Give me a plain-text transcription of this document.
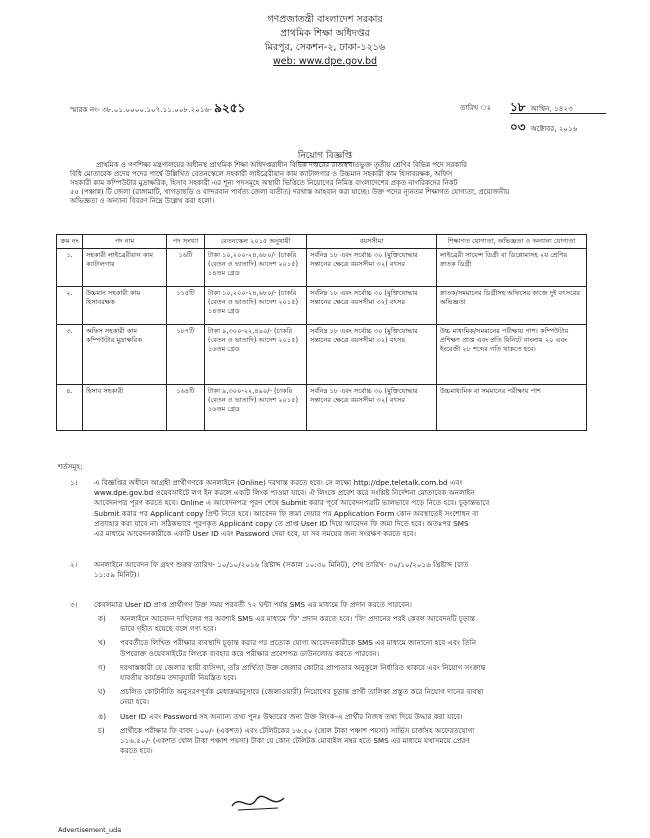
গণপ্রজাতন্ত্রী বাংলাদেশ সরকার
প্রাথমিক শিক্ষা অধিদপ্তর
মিরপুর, সেকশন-২, ঢাকা-১২১৬
web: www.dpe.gov.bd
স্মারক নং- ৩৮.০১.০০০০.১০৭.১১.০০৮.২০১৬- ৯২৫১	তারিখ ঃ ১৮ আশ্বিন, ১৪২৩
০৩ অক্টোবর, ২০১৬
নিয়োগ বিজ্ঞপ্তি
প্রাথমিক ও গণশিক্ষা মন্ত্রণালয়ের অধীনস্থ প্রাথমিক শিক্ষা অধিদপ্তরাধীন বিভিন্ন দপ্তরের রাজস্বখাতভুক্ত তৃতীয় শ্রেণির বিভিন্ন পদে সরকারি
বিধি মোতাবেক প্রদেয় পদের পার্শ্বে উল্লিখিত বেতনস্কেলে সহকারী লাইব্রেরীয়ান কাম ক্যাটালগার ও উচ্চমান সহকারী কাম হিসাবরক্ষক, অফিস
সহকারী কাম কম্পিউটার মুদ্রাক্ষরিক, হিসাব সহকারী এর শূন্য পদসমূহে অস্থায়ী ভিত্তিতে নিয়োগের নিমিত্ত বাংলাদেশের প্রকৃত নাগরিকদের নিকট
৫৫ (পঞ্চান্ন) টি জেলা (রাঙ্গামাটি, খাগড়াছড়ি ও বান্দরবান পার্বত্য জেলা ব্যতীত) দরখাস্ত আহবান করা যাচ্ছে। উক্ত পদের ন্যূনতম শিক্ষাগত যোগ্যতা, প্রয়োজনীয়
অভিজ্ঞতা ও অন্যান্য বিবরণ নিম্নে উল্লেখ করা হলো।
ক্রম নং	পদ নাম	পদ সংখ্যা	বেতনস্কেল ২০১৫ অনুযায়ী	বয়সসীমা	শিক্ষাগত যোগ্যতা, অভিজ্ঞতা ও অন্যান্য যোগ্যতা
১.	সহকারী লাইব্রেরীয়ান কাম ক্যাটালগার	১৬টি	টাকা ১০,২০০-২৪,৬৮০/- (চাকরি (বেতন ও ভাতাদি) আদেশ ২০১৫) ১৪তম গ্রেড	সর্বনিম্ন ১৮ এবং সর্বোচ্চ ৩০ (মুক্তিযোদ্ধার সন্তানের ক্ষেত্রে বয়সসীমা ৩২) বৎসর	লাইব্রেরী সায়েন্স ডিগ্রী বা ডিপ্লোমাসহ ২য় শ্রেণির স্নাতক ডিগ্রী
২.	উচ্চমান সহকারী কাম হিসাবরক্ষক	১১৫টি	টাকা ১০,২০০-২৪,৬৮০/- (চাকরি (বেতন ও ভাতাদি) আদেশ ২০১৫) ১৪তম গ্রেড	সর্বনিম্ন ১৮ এবং সর্বোচ্চ ৩০ (মুক্তিযোদ্ধার সন্তানের ক্ষেত্রে বয়সসীমা ৩২) বৎসর	স্নাতক/সমমানের ডিগ্রীসহ অফিসের কাজে দুই বৎসরের অভিজ্ঞতা
৩.	অফিস সহকারী কাম কম্পিউটার মুদ্রাক্ষরিক	১৮৭টি	টাকা ৯,৩০০-২২,৪৯০/- (চাকরি (বেতন ও ভাতাদি) আদেশ ২০১৫) ১৬তম গ্রেড	সর্বনিম্ন ১৮ এবং সর্বোচ্চ ৩০ (মুক্তিযোদ্ধার সন্তানের ক্ষেত্রে বয়সসীমা ৩২) বৎসর	উচ্চ মাধ্যমিক/সমমানের পরীক্ষায় পাশ। কম্পিউটার প্রশিক্ষণ প্রাপ্ত এবং প্রতি মিনিটে বাংলায় ২০ এবং ইংরেজী ২৮ শব্দের গতি থাকতে হবে।
৪.	হিসাব সহকারী	১৬৪টি	টাকা ৯,৩০০-২২,৪৯০/- (চাকরি (বেতন ও ভাতাদি) আদেশ ২০১৫) ১৬তম গ্রেড	সর্বনিম্ন ১৮ এবং সর্বোচ্চ ৩০ (মুক্তিযোদ্ধার সন্তানের ক্ষেত্রে বয়সসীমা ৩২) বৎসর	উচ্চমাধ্যমিক বা সমমানের পরীক্ষায় পাশ
শর্তসমূহ:
১। এ বিজ্ঞপ্তির অধীনে আগ্রহী প্রার্থীগণকে অনলাইনে (Online) দরখাস্ত করতে হবে। সে লক্ষ্যে http://dpe.teletalk.com.bd এবং
www.dpe.gov.bd ওয়েবসাইটে লগ ইন করলে একটি লিংক পাওয়া যাবে। ঐ লিংকে প্রবেশ করে সংশ্লিষ্ট নির্দেশনা মোতাবেক অনলাইন
আবেদনপত্র পূরণ করতে হবে। Online এ আবেদনপত্র পূরণ শেষে Submit করার পূর্বে আবেদনপত্রটি ভালভাবে পড়ে নিতে হবে। চূড়ান্তভাবে
Submit করার পর Applicant copy প্রিন্ট নিতে হবে। আবেদন ফি জমা দেয়ার পর Application Form কোন অবস্থাতেই সংশোধন বা
প্রত্যাহার করা যাবে না। সঠিকভাবে পূরণকৃত Applicant copy তে প্রাপ্ত User ID দিয়ে আবেদন ফি জমা দিতে হবে। অতঃপর SMS
এর মাধ্যমে আবেদনকারীকে একটি User ID এবং Password দেয়া হবে, যা সব সময়ের জন্য সংরক্ষণ করতে হবে।
২। অনলাইনে আবেদন ফি গ্রহণ শুরুর তারিখ- ১০/১০/২০১৬ খ্রিষ্টাব্দ (সকাল ১০:৩০ মিনিট), শেষ তারিখ- ৩০/১০/২০১৬ খ্রিষ্টাব্দ (রাত
১১:৫৯ মিনিট)।
৩। কেবলমাত্র User ID প্রাপ্ত প্রার্থীগণ উক্ত সময় পরবর্তী ৭২ ঘন্টা পর্যন্ত SMS এর মাধ্যমে ফি প্রদান করতে পারবেন।
ক)	অনলাইনে আবেদন দাখিলের পর অবশ্যই SMS এর মাধ্যমে 'ফি' প্রদান করতে হবে। 'ফি' প্রদানের পরই কেবল আবেদনটি চূড়ান্ত
ভাবে গৃহীত হয়েছে বলে গণ্য হবে।
খ)	পরবর্তীতে লিখিত পরীক্ষার ব্যবস্থাদি চূড়ান্ত করার পর প্রত্যেক যোগ্য আবেদনকারীকে SMS এর মাধ্যমে জানানো হবে এবং তিনি
উপরোক্ত ওয়েবসাইটের লিংকে ব্যবহার করে পরীক্ষার প্রবেশপত্র ডাউনলোড করতে পারবেন।
গ)	দরখাস্তকারী যে জেলার স্থায়ী বাসিন্দা, তাঁর প্রার্থিতা উক্ত জেলার কোটার প্রাপ্যতার অনুকূলে নির্ধারিত থাকবে এবং নিয়োগ সংক্রান্ত
যাবতীয় কার্যক্রম তদানুযায়ী নিয়ন্ত্রিত হবে।
ঘ)	প্রচলিত কোটানীতি অনুসরণপূর্বক মেধাক্রমানুসারে (জেলাওয়ারী) নিয়োগের চূড়ান্ত প্রার্থী তালিকা প্রস্তুত করে নিয়োগ দানের ব্যবস্থা
নেয়া হবে।
ঙ)	User ID এবং Password সহ অন্যান্য তথ্য পুনঃ উদ্ধারের জন্য উক্ত লিংক-এ প্রার্থীর নিজস্ব তথ্য দিয়ে উদ্ধার করা যাবে।
চ)	প্রার্থীকে পরীক্ষার ফি বাবদ ১০০/- (একশত) এবং টেলিটকের ১৬.৫০ (ষোল টাকা পঞ্চাশ পয়সা) সার্ভিস চার্জসহ অফেরতযোগ্য
১১৬.৫০/- (একশত ষোল টাকা পঞ্চাশ পয়সা) টাকা যে কোন টেলিটক মোবাইল নম্বর হতে SMS এর মাধ্যমে যথাসময়ে প্রেরণ
করতে হবে।
Advertisement_uda
